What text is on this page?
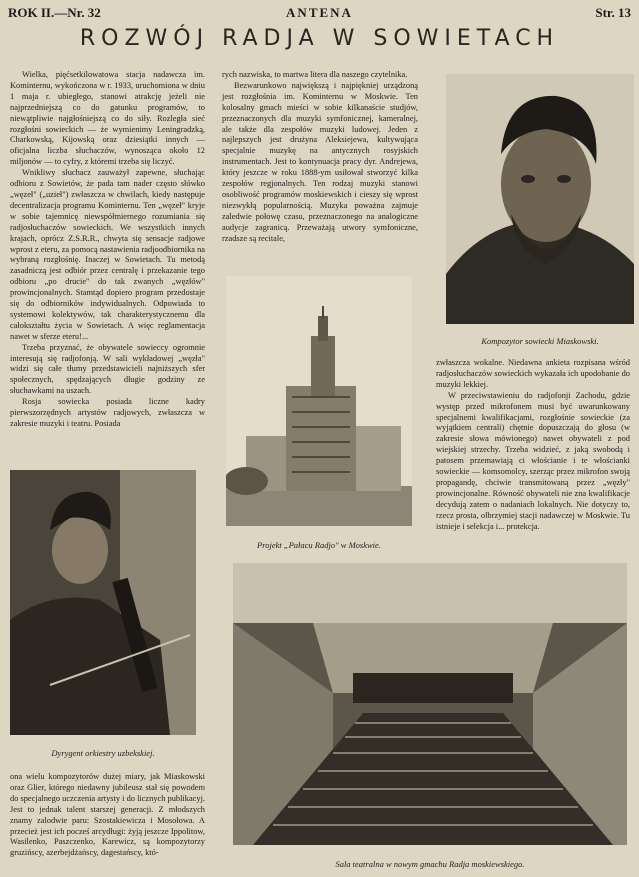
ROK II.—Nr. 32	ANTENA	Str. 13
ROZWÓJ RADJA W SOWIETACH

Wielka, pięćsetkilowatowa stacja nadawcza im. Kominternu, wykończona w r. 1933, uruchomiona w dniu 1 maja r. ubiegłego, stanowi atrakcję jeżeli nie najprzedniejszą co do gatunku programów, to niewątpliwie najgłośniejszą co do siły. Rozległa sieć rozgłośni sowieckich — że wymienimy Leningradzką, Charkowską, Kijowską oraz dziesiątki innych — oficjalna liczba słuchaczów, wynosząca około 12 miljonów — to cyfry, z któremi trzeba się liczyć.

Wnikliwy słuchacz zauważył zapewne, słuchając odbioru z Sowietów, że pada tam nader często słówko „węzeł" („uzieł") zwłaszcza w chwilach, kiedy następuje decentralizacja programu Kominternu. Ten „węzeł" kryje w sobie tajemnicę niewspółmiernego rozumiania się radjosłuchaczów sowieckich. We wszystkich innych krajach, oprócz Z.S.R.R., chwyta się sensacje radjowe wprost z eteru, za pomocą nastawienia radjoodbiornika na wybraną rozgłośnię. Inaczej w Sowietach. Tu metodą zasadniczą jest odbiór przez centralę i przekazanie tego odbioru „po drucie" do tak zwanych „węzłów" prowincjonalnych. Stamtąd dopiero program przedostaje się do odbiorników indywidualnych. Odpowiada to systemowi kolektywów, tak charakterystycznemu dla całokształtu życia w Sowietach. A więc reglamentacja nawet w sferze eteru!...

Trzeba przyznać, że obywatele sowieccy ogromnie interesują się radjofonją. W sali wykładowej „węzła" widzi się całe tłumy przedstawicieli najniższych sfer społecznych, spędzających długie godziny ze słuchawkami na uszach.

Rosja sowiecka posiada liczne kadry pierwszorzędnych artystów radjowych, zwłaszcza w zakresie muzyki i teatru. Posiada

rych nazwiska, to martwa litera dla naszego czytelnika.

Bezwarunkowo największą i najpiękniej urządzoną jest rozgłośnia im. Kominternu w Moskwie. Ten kolosalny gmach mieści w sobie kilkanaście studjów, przeznaczonych dla muzyki symfonicznej, kameralnej, ale także dla zespołów muzyki ludowej. Jeden z najlepszych jest drużyna Aleksiejewa, kultywująca specjalnie muzykę na antycznych rosyjskich instrumentach. Jest to kontynuacja pracy dyr. Andrejewa, który jeszcze w roku 1888-ym usiłował stworzyć kilka zespołów regjonalnych. Ten rodzaj muzyki stanowi osobliwość programów moskiewskich i cieszy się wprost niezwykłą popularnością. Muzyka poważna zajmuje zaledwie połowę czasu, przeznaczonego na analogiczne audycje zagranicą. Przeważają utwory symfoniczne, rzadsze są recitale,

Kompozytor sowiecki Miaskowski.
Projekt „Pałacu Radjo" w Moskwie.

zwłaszcza wokalne. Niedawna ankieta rozpisana wśród radjosłuchaczów sowieckich wykazała ich upodobanie do muzyki lekkiej.

W przeciwstawieniu do radjofonji Zachodu, gdzie występ przed mikrofonem musi być uwarunkowany specjalnemi kwalifikacjami, rozgłośnie sowieckie (za wyjątkiem centrali) chętnie dopuszczają do głosu (w zakresie słowa mówionego) nawet obywateli z pod wiejskiej strzechy. Trzeba widzieć, z jaką swobodą i patosem przemawiają ci włościanie i te włościanki sowieckie — komsomolcy, szerząc przez mikrofon swoją propagandę, chciwie transmitowaną przez „węzły" prowincjonalne. Równość obywateli nie zna kwalifikacje decydują zatem o nadaniach lokalnych. Nie dotyczy to, rzecz prosta, olbrzymiej stacji nadawczej w Moskwie. Tu istnieje i selekcja i... protekcja.

Dyrygent orkiestry uzbekskiej.

ona wielu kompozytorów dużej miary, jak Miaskowski oraz Glier, którego niedawny jubileusz stał się powodem do specjalnego uczczenia artysty i do licznych publikacyj. Jest to jednak talent starszej generacji. Z młodszych znamy zalodwie paru: Szostakiewicza i Mosołowa. A przecież jest ich pocześ arcydługi: żyją jeszcze Ippolitow, Wasilenko, Paszczenko, Karewicz, są kompozytorzy gruzińscy, azerbejdżańscy, dagestańscy, któ-

Sala teatralna w nowym gmachu Radja moskiewskiego.
